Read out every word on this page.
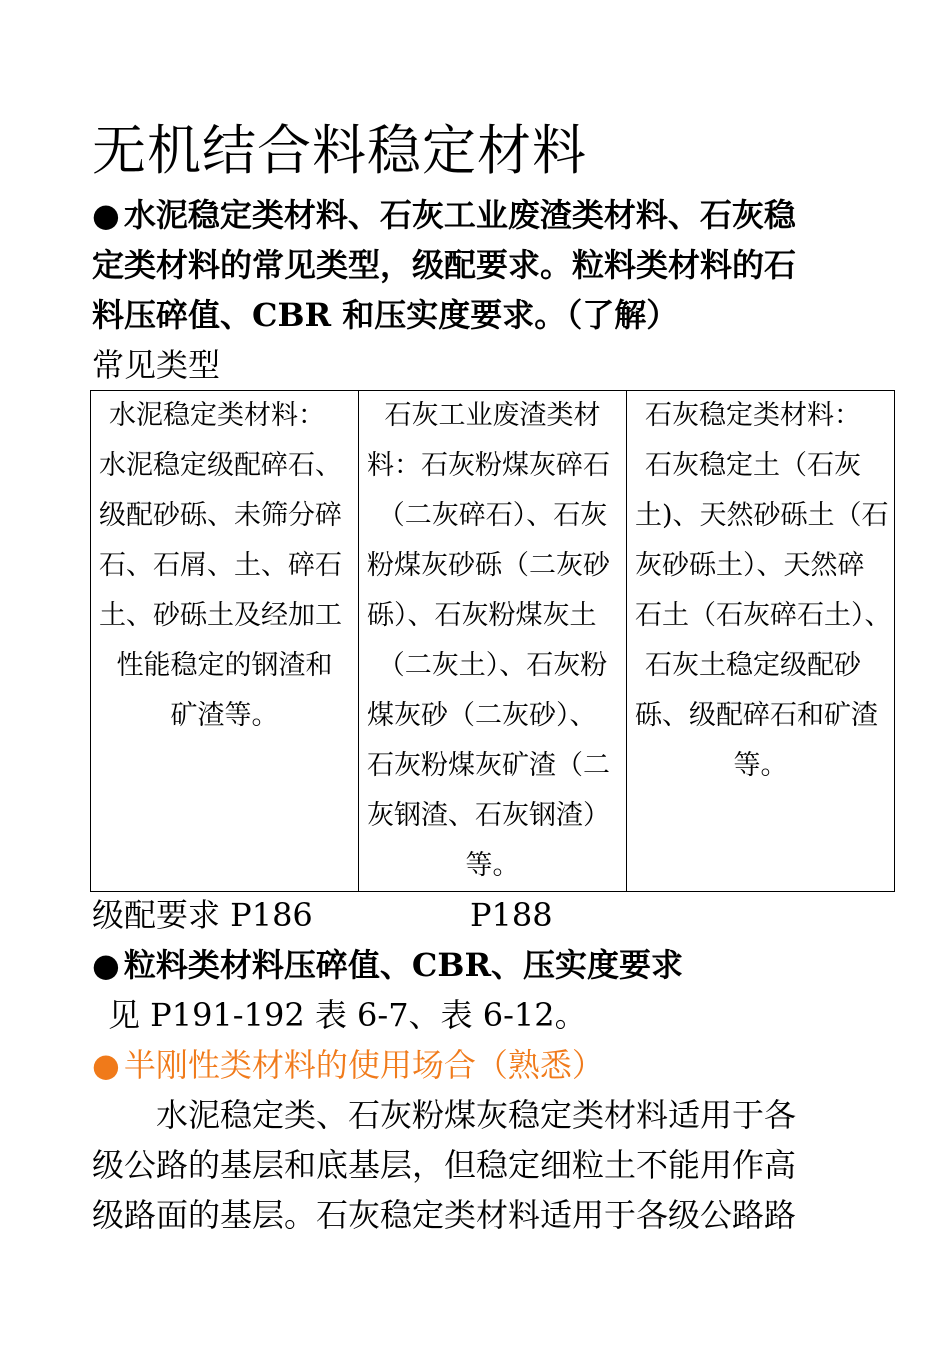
无机结合料稳定材料
● 水泥稳定类材料、石灰工业废渣类材料、石灰稳
定类材料的常见类型，级配要求。粒料类材料的石
料压碎值、CBR 和压实度要求。（了解）
常见类型
水泥稳定类材料：
水泥稳定级配碎石、
级配砂砾、未筛分碎
石、石屑、土、碎石
土、砂砾土及经加工
性能稳定的钢渣和
矿渣等。

石灰工业废渣类材
料：石灰粉煤灰碎石
（二灰碎石）、石灰
粉煤灰砂砾（二灰砂
砾）、石灰粉煤灰土
（二灰土）、石灰粉
煤灰砂（二灰砂）、
石灰粉煤灰矿渣（二
灰钢渣、石灰钢渣）
等。

石灰稳定类材料：
石灰稳定土（石灰
土)、天然砂砾土（石
灰砂砾土）、天然碎
石土（石灰碎石土）、
石灰土稳定级配砂
砾、级配碎石和矿渣
等。
级配要求 P186	P188
● 粒料类材料压碎值、CBR、压实度要求
见 P191-192 表 6-7、表 6-12。
● 半刚性类材料的使用场合（熟悉）
　　水泥稳定类、石灰粉煤灰稳定类材料适用于各
级公路的基层和底基层，但稳定细粒土不能用作高
级路面的基层。石灰稳定类材料适用于各级公路路
